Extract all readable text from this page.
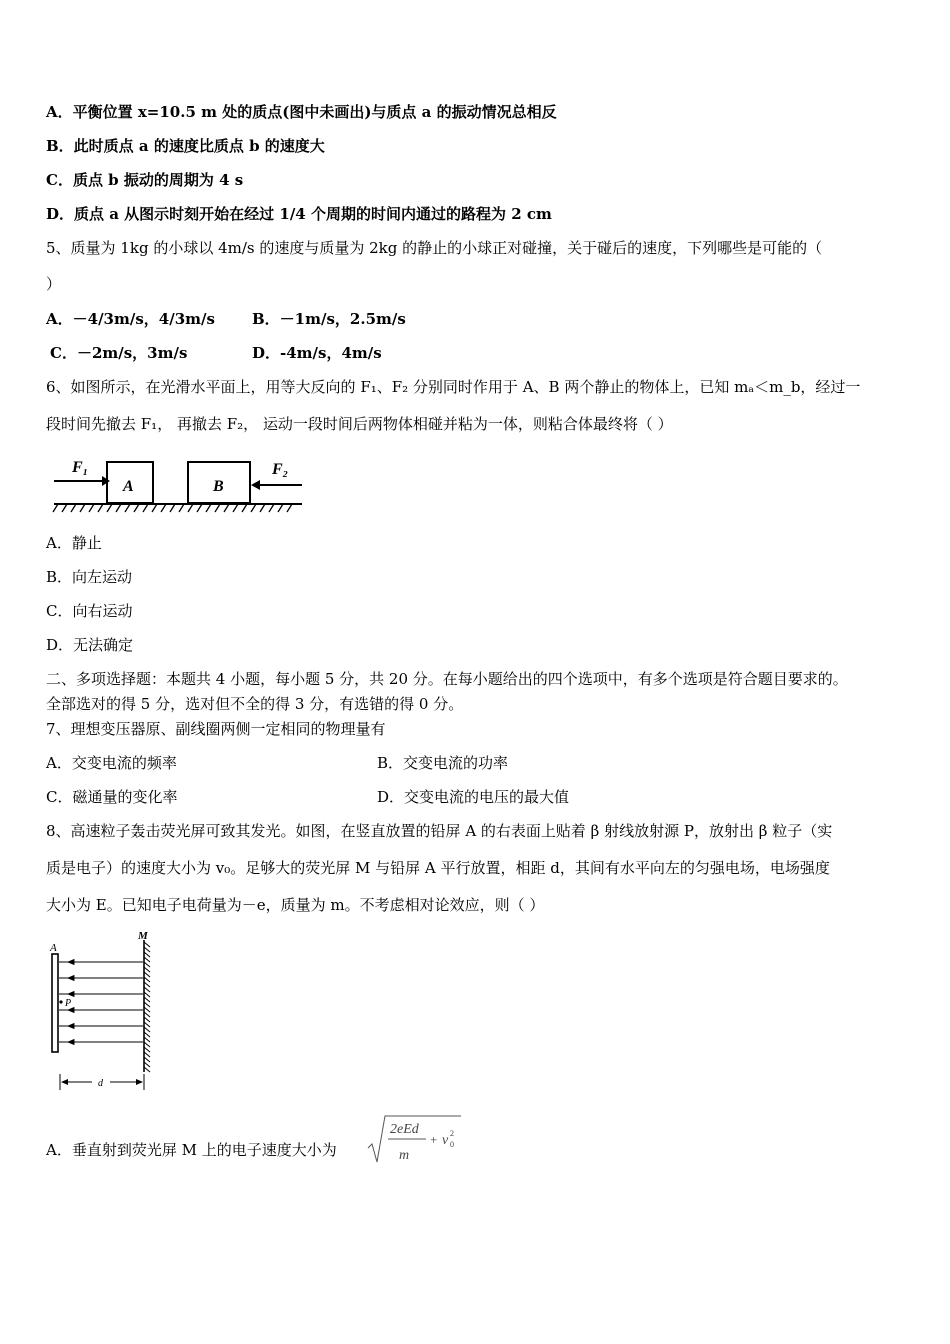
A．平衡位置 x=10.5 m 处的质点(图中未画出)与质点 a 的振动情况总相反
B．此时质点 a 的速度比质点 b 的速度大
C．质点 b 振动的周期为 4 s
D．质点 a 从图示时刻开始在经过 1/4 个周期的时间内通过的路程为 2 cm
5、质量为 1kg 的小球以 4m/s 的速度与质量为 2kg 的静止的小球正对碰撞，关于碰后的速度，下列哪些是可能的（
）
A．－4/3m/s，4/3m/s B．－1m/s，2.5m/s
C．－2m/s，3m/s	D．-4m/s，4m/s
6、如图所示，在光滑水平面上，用等大反向的 F₁、F₂ 分别同时作用于 A、B 两个静止的物体上，已知 mₐ＜m_b，经过一
段时间先撤去 F₁， 再撤去 F₂， 运动一段时间后两物体相碰并粘为一体，则粘合体最终将（ ）
F₁
A	B
F₂
A．静止
B．向左运动
C．向右运动
D．无法确定
二、多项选择题：本题共 4 小题，每小题 5 分，共 20 分。在每小题给出的四个选项中，有多个选项是符合题目要求的。
全部选对的得 5 分，选对但不全的得 3 分，有选错的得 0 分。
7、理想变压器原、副线圈两侧一定相同的物理量有
A．交变电流的频率	B．交变电流的功率
C．磁通量的变化率	D．交变电流的电压的最大值
8、高速粒子轰击荧光屏可致其发光。如图，在竖直放置的铅屏 A 的右表面上贴着 β 射线放射源 P，放射出 β 粒子（实
质是电子）的速度大小为 v₀。足够大的荧光屏 M 与铅屏 A 平行放置，相距 d，其间有水平向左的匀强电场，电场强度
大小为 E。已知电子电荷量为－e，质量为 m。不考虑相对论效应，则（ ）
A
M
P
d
A．垂直射到荧光屏 M 上的电子速度大小为
2eEd
m
+ v 2
0
